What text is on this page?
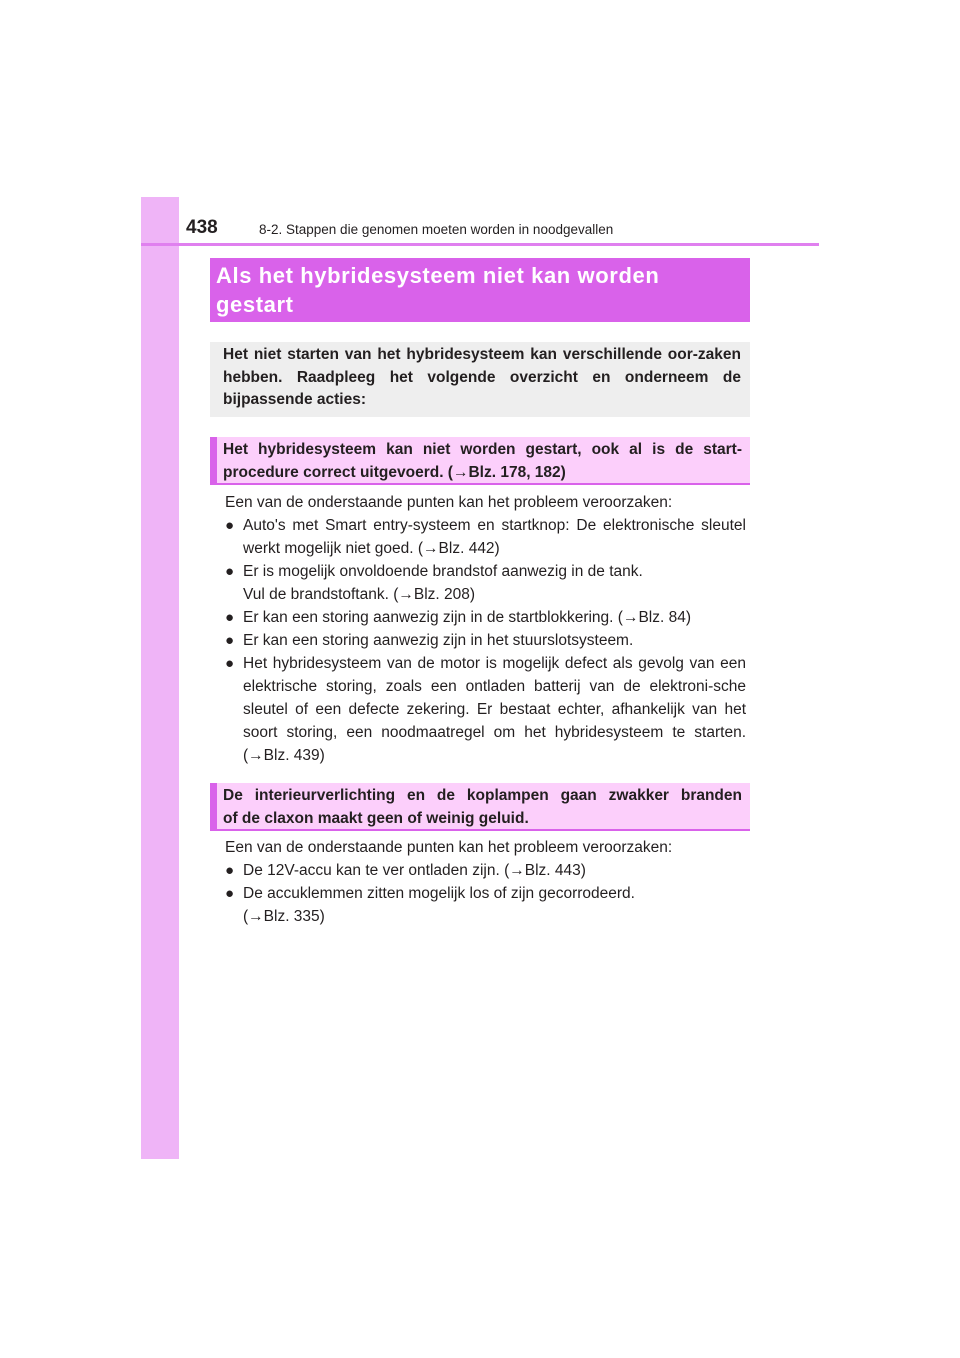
438	8-2. Stappen die genomen moeten worden in noodgevallen
Als het hybridesysteem niet kan worden
gestart
Het niet starten van het hybridesysteem kan verschillende oor-zaken hebben. Raadpleeg het volgende overzicht en onderneem de bijpassende acties:
Het hybridesysteem kan niet worden gestart, ook al is de start-
procedure correct uitgevoerd. (→Blz. 178, 182)

Een van de onderstaande punten kan het probleem veroorzaken:

● Auto's met Smart entry-systeem en startknop: De elektronische sleutel werkt mogelijk niet goed. (→Blz. 442)
● Er is mogelijk onvoldoende brandstof aanwezig in de tank.
Vul de brandstoftank. (→Blz. 208)
● Er kan een storing aanwezig zijn in de startblokkering. (→Blz. 84)
● Er kan een storing aanwezig zijn in het stuurslotsysteem.
● Het hybridesysteem van de motor is mogelijk defect als gevolg van een elektrische storing, zoals een ontladen batterij van de elektroni-sche sleutel of een defecte zekering. Er bestaat echter, afhankelijk van het soort storing, een noodmaatregel om het hybridesysteem te starten. (→Blz. 439)
De interieurverlichting en de koplampen gaan zwakker branden
of de claxon maakt geen of weinig geluid.

Een van de onderstaande punten kan het probleem veroorzaken:

● De 12V-accu kan te ver ontladen zijn. (→Blz. 443)
● De accuklemmen zitten mogelijk los of zijn gecorrodeerd.
(→Blz. 335)
